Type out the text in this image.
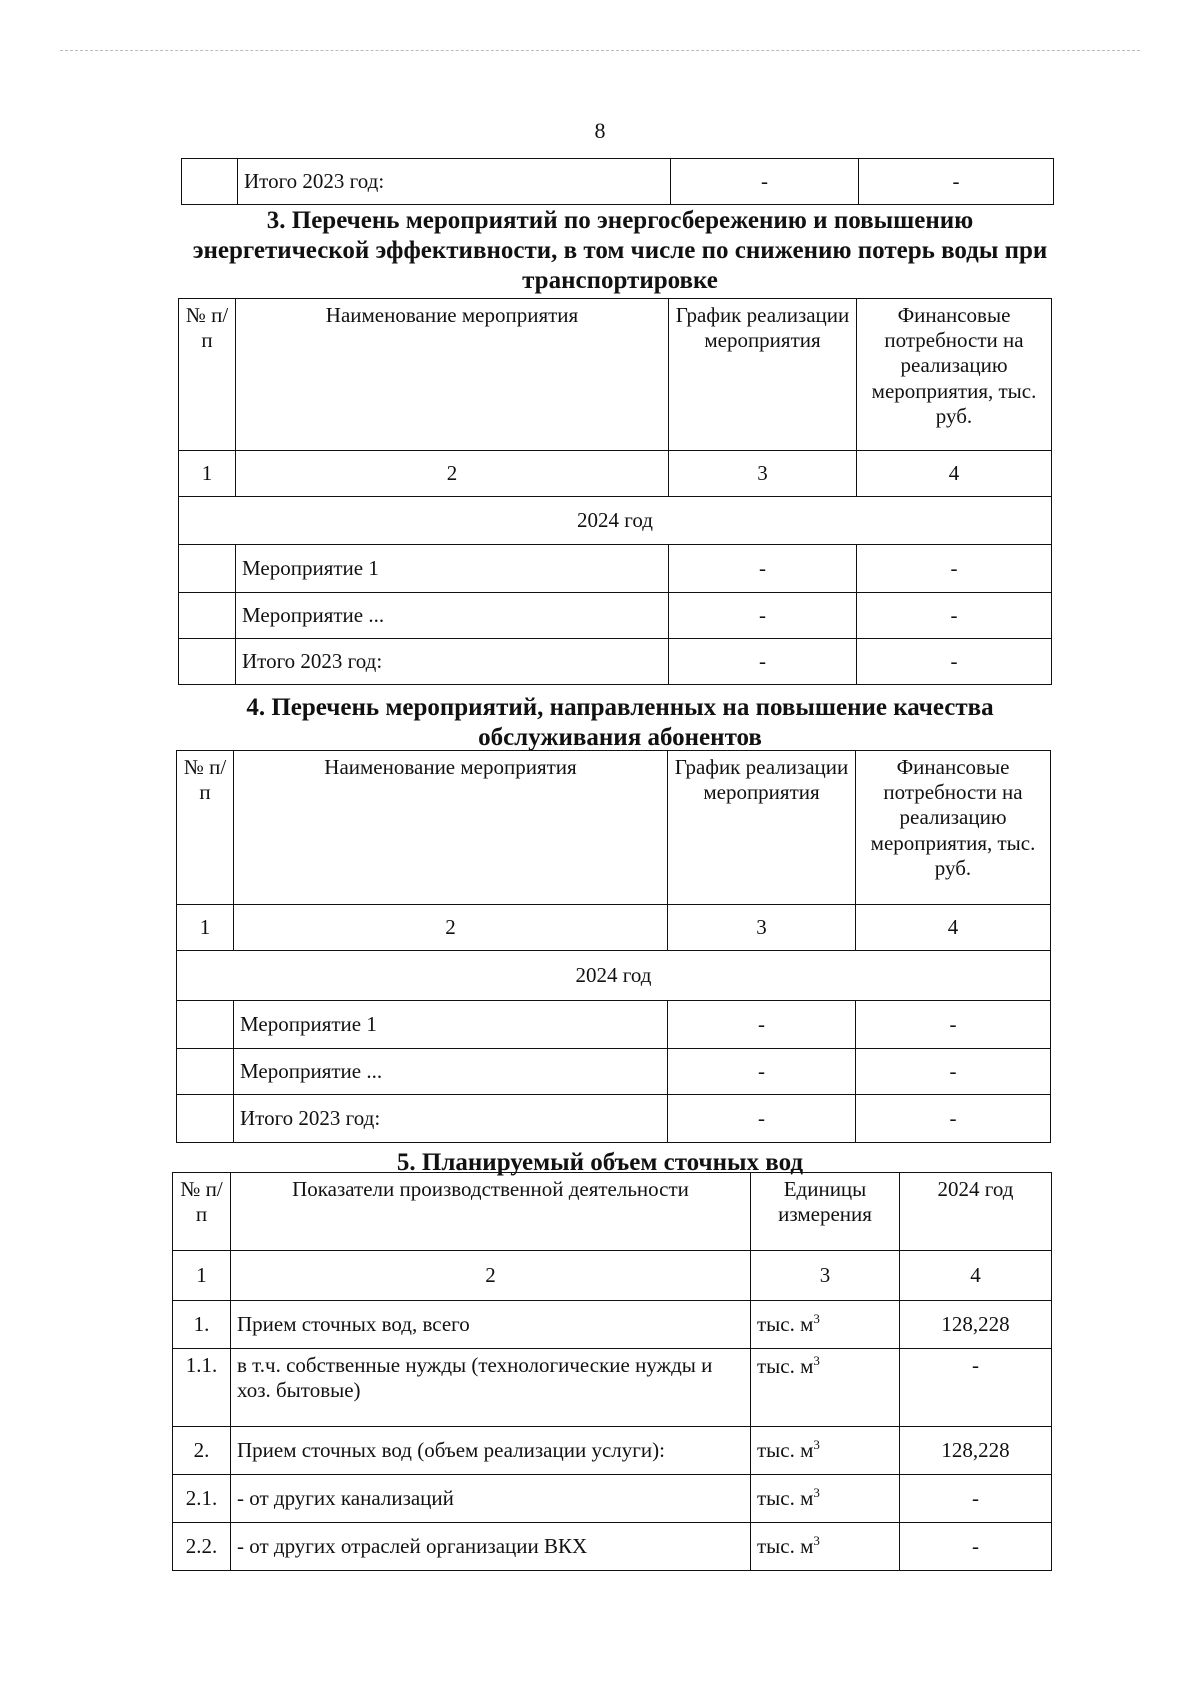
8
	Итого 2023 год:	-	-
3. Перечень мероприятий по энергосбережению и повышению
энергетической эффективности, в том числе по снижению потерь воды при
транспортировке
№ п/п	Наименование мероприятия	График реализации мероприятия	Финансовые потребности на реализацию мероприятия, тыс. руб.
1	2	3	4
2024 год			
	Мероприятие 1	-	-
	Мероприятие ...	-	-
	Итого 2023 год:	-	-
4. Перечень мероприятий, направленных на повышение качества
обслуживания абонентов
№ п/п	Наименование мероприятия	График реализации мероприятия	Финансовые потребности на реализацию мероприятия, тыс. руб.
1	2	3	4
2024 год			
	Мероприятие 1	-	-
	Мероприятие ...	-	-
	Итого 2023 год:	-	-
5. Планируемый объем сточных вод
№ п/п	Показатели производственной деятельности	Единицы измерения	2024 год
1	2	3	4
1.	Прием сточных вод, всего	тыс. $м^3$	128,228
1.1.	в т.ч. собственные нужды (технологические нужды и хоз. бытовые)	тыс. $м^3$	-
2.	Прием сточных вод (объем реализации услуги):	тыс. $м^3$	128,228
2.1.	- от других канализаций	тыс. $м^3$	-
2.2.	- от других отраслей организации ВКХ	тыс. $м^3$	-
